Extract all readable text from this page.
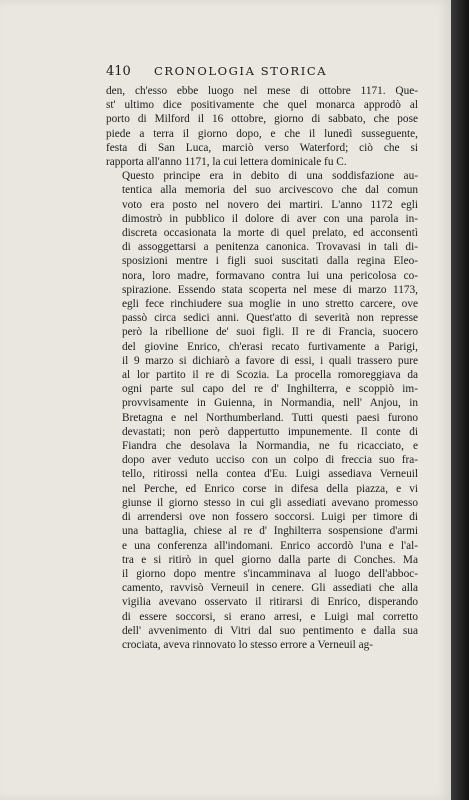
410	CRONOLOGIA STORICA

den, ch'esso ebbe luogo nel mese di ottobre 1171. Que-
st' ultimo dice positivamente che quel monarca approdò al
porto di Milford il 16 ottobre, giorno di sabbato, che pose
piede a terra il giorno dopo, e che il lunedì susseguente,
festa di San Luca, marciò verso Waterford; ciò che si
rapporta all'anno 1171, la cui lettera dominicale fu C.

Questo principe era in debito di una soddisfazione au-
tentica alla memoria del suo arcivescovo che dal comun
voto era posto nel novero dei martiri. L'anno 1172 egli
dimostrò in pubblico il dolore di aver con una parola in-
discreta occasionata la morte di quel prelato, ed acconsentì
di assoggettarsi a penitenza canonica. Trovavasi in tali di-
sposizioni mentre i figli suoi suscitati dalla regina Eleo-
nora, loro madre, formavano contra lui una pericolosa co-
spirazione. Essendo stata scoperta nel mese di marzo 1173,
egli fece rinchiudere sua moglie in uno stretto carcere, ove
passò circa sedici anni. Quest'atto di severità non represse
però la ribellione de' suoi figli. Il re di Francia, suocero
del giovine Enrico, ch'erasi recato furtivamente a Parigi,
il 9 marzo si dichiarò a favore di essi, i quali trassero pure
al lor partito il re di Scozia. La procella romoreggiava da
ogni parte sul capo del re d' Inghilterra, e scoppiò im-
provvisamente in Guienna, in Normandia, nell' Anjou, in
Bretagna e nel Northumberland. Tutti questi paesi furono
devastati; non però dappertutto impunemente. Il conte di
Fiandra che desolava la Normandia, ne fu ricacciato, e
dopo aver veduto ucciso con un colpo di freccia suo fra-
tello, ritirossi nella contea d'Eu. Luigi assediava Verneuil
nel Perche, ed Enrico corse in difesa della piazza, e vi
giunse il giorno stesso in cui gli assediati avevano promesso
di arrendersi ove non fossero soccorsi. Luigi per timore di
una battaglia, chiese al re d' Inghilterra sospensione d'armi
e una conferenza all'indomani. Enrico accordò l'una e l'al-
tra e si ritirò in quel giorno dalla parte di Conches. Ma
il giorno dopo mentre s'incamminava al luogo dell'abboc-
camento, ravvisò Verneuil in cenere. Gli assediati che alla
vigilia avevano osservato il ritirarsi di Enrico, disperando
di essere soccorsi, si erano arresi, e Luigi mal corretto
dell' avvenimento di Vitri dal suo pentimento e dalla sua
crociata, aveva rinnovato lo stesso errore a Verneuil ag-
